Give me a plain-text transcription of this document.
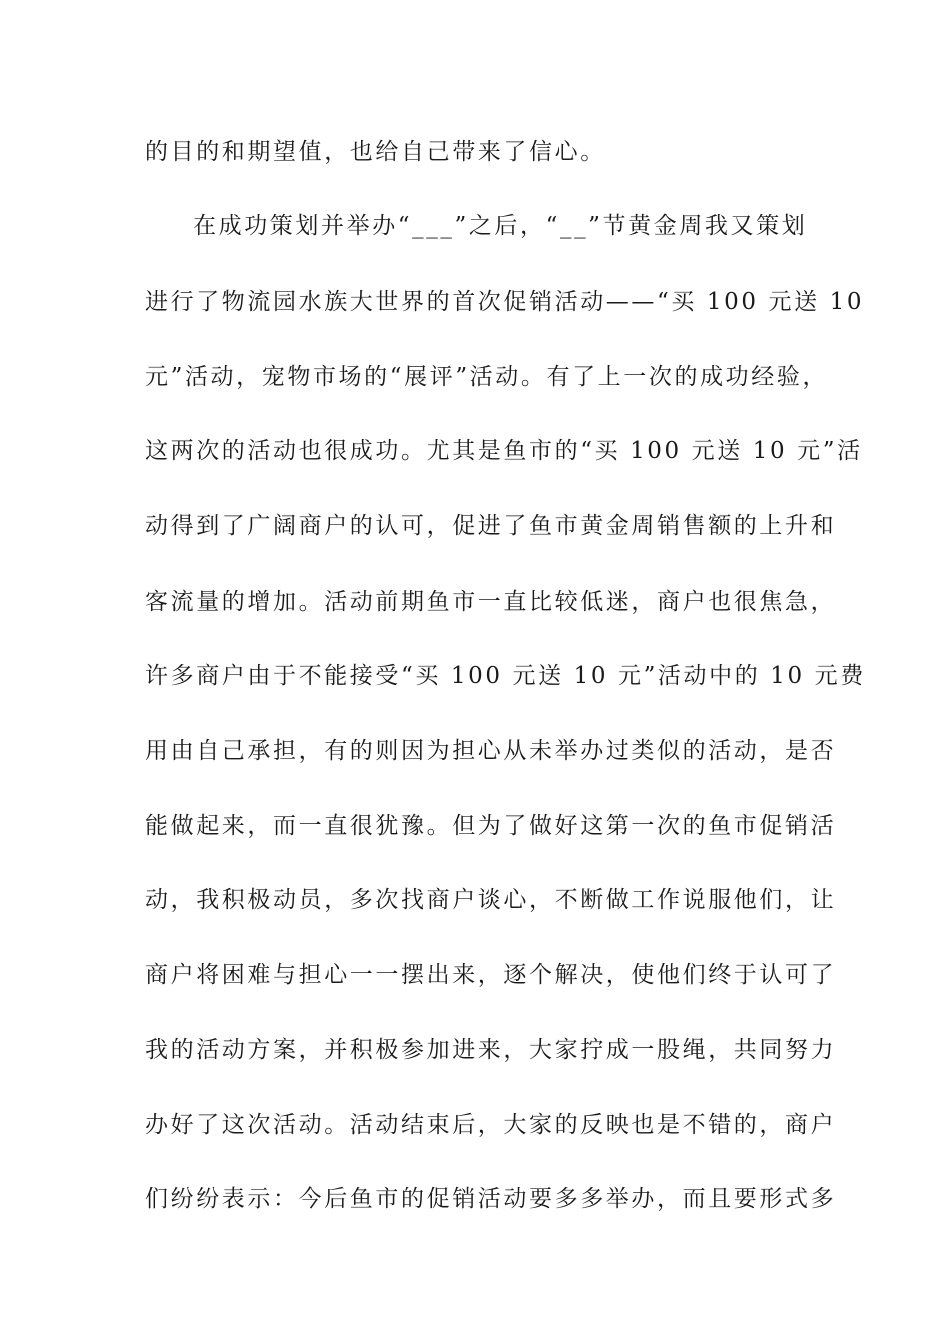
的目的和期望值，也给自己带来了信心。
在成功策划并举办“___”之后，“__”节黄金周我又策划
进行了物流园水族大世界的首次促销活动——“买 100 元送 10
元”活动，宠物市场的“展评”活动。有了上一次的成功经验，
这两次的活动也很成功。尤其是鱼市的“买 100 元送 10 元”活
动得到了广阔商户的认可，促进了鱼市黄金周销售额的上升和
客流量的增加。活动前期鱼市一直比较低迷，商户也很焦急，
许多商户由于不能接受“买 100 元送 10 元”活动中的 10 元费
用由自己承担，有的则因为担心从未举办过类似的活动，是否
能做起来，而一直很犹豫。但为了做好这第一次的鱼市促销活
动，我积极动员，多次找商户谈心，不断做工作说服他们，让
商户将困难与担心一一摆出来，逐个解决，使他们终于认可了
我的活动方案，并积极参加进来，大家拧成一股绳，共同努力
办好了这次活动。活动结束后，大家的反映也是不错的，商户
们纷纷表示：今后鱼市的促销活动要多多举办，而且要形式多
